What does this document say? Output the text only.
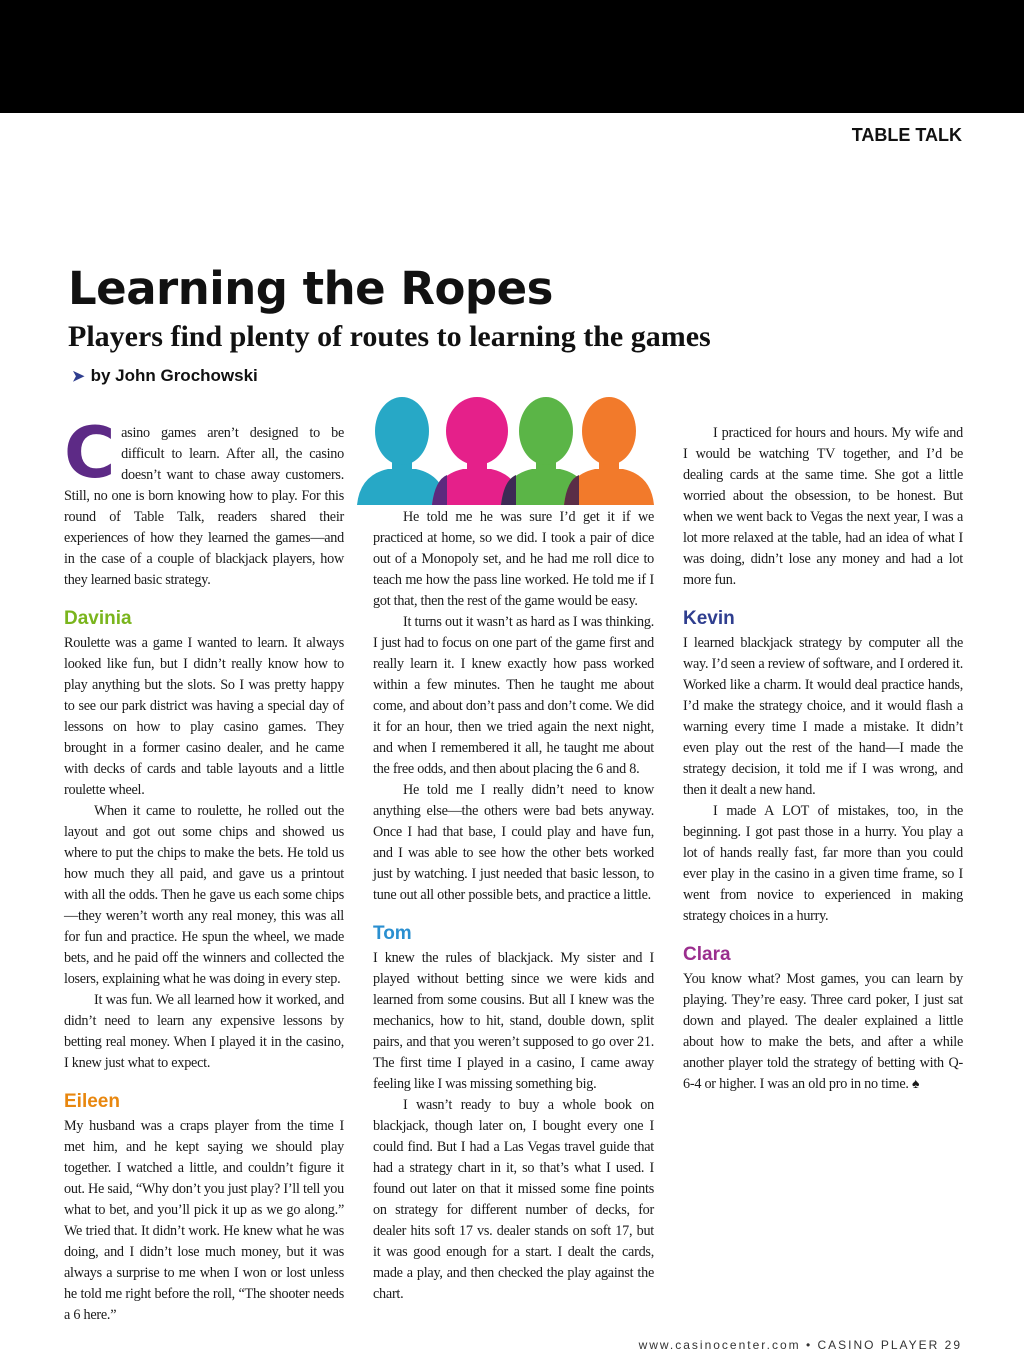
TABLE TALK
Learning the Ropes
Players find plenty of routes to learning the games
➤ by John Grochowski

Casino games aren’t designed to be difficult to learn. After all, the casino doesn’t want to chase away customers. Still, no one is born knowing how to play. For this round of Table Talk, readers shared their experiences of how they learned the games—and in the case of a couple of blackjack players, how they learned basic strategy.

Davinia

Roulette was a game I wanted to learn. It always looked like fun, but I didn’t really know how to play anything but the slots. So I was pretty happy to see our park district was having a special day of lessons on how to play casino games. They brought in a former casino dealer, and he came with decks of cards and table layouts and a little roulette wheel.

When it came to roulette, he rolled out the layout and got out some chips and showed us where to put the chips to make the bets. He told us how much they all paid, and gave us a printout with all the odds. Then he gave us each some chips—they weren’t worth any real money, this was all for fun and practice. He spun the wheel, we made bets, and he paid off the winners and collected the losers, explaining what he was doing in every step.

It was fun. We all learned how it worked, and didn’t need to learn any expensive lessons by betting real money. When I played it in the casino, I knew just what to expect.

Eileen

My husband was a craps player from the time I met him, and he kept saying we should play together. I watched a little, and couldn’t figure it out. He said, “Why don’t you just play? I’ll tell you what to bet, and you’ll pick it up as we go along.” We tried that. It didn’t work. He knew what he was doing, and I didn’t lose much money, but it was always a surprise to me when I won or lost unless he told me right before the roll, “The shooter needs a 6 here.”

He told me he was sure I’d get it if we practiced at home, so we did. I took a pair of dice out of a Monopoly set, and he had me roll dice to teach me how the pass line worked. He told me if I got that, then the rest of the game would be easy.

It turns out it wasn’t as hard as I was thinking. I just had to focus on one part of the game first and really learn it. I knew exactly how pass worked within a few minutes. Then he taught me about come, and about don’t pass and don’t come. We did it for an hour, then we tried again the next night, and when I remembered it all, he taught me about the free odds, and then about placing the 6 and 8.

He told me I really didn’t need to know anything else—the others were bad bets anyway. Once I had that base, I could play and have fun, and I was able to see how the other bets worked just by watching. I just needed that basic lesson, to tune out all other possible bets, and practice a little.

Tom

I knew the rules of blackjack. My sister and I played without betting since we were kids and learned from some cousins. But all I knew was the mechanics, how to hit, stand, double down, split pairs, and that you weren’t supposed to go over 21. The first time I played in a casino, I came away feeling like I was missing something big.

I wasn’t ready to buy a whole book on blackjack, though later on, I bought every one I could find. But I had a Las Vegas travel guide that had a strategy chart in it, so that’s what I used. I found out later on that it missed some fine points on strategy for different number of decks, for dealer hits soft 17 vs. dealer stands on soft 17, but it was good enough for a start. I dealt the cards, made a play, and then checked the play against the chart.

I practiced for hours and hours. My wife and I would be watching TV together, and I’d be dealing cards at the same time. She got a little worried about the obsession, to be honest. But when we went back to Vegas the next year, I was a lot more relaxed at the table, had an idea of what I was doing, didn’t lose any money and had a lot more fun.

Kevin

I learned blackjack strategy by computer all the way. I’d seen a review of software, and I ordered it. Worked like a charm. It would deal practice hands, I’d make the strategy choice, and it would flash a warning every time I made a mistake. It didn’t even play out the rest of the hand—I made the strategy decision, it told me if I was wrong, and then it dealt a new hand.

I made A LOT of mistakes, too, in the beginning. I got past those in a hurry. You play a lot of hands really fast, far more than you could ever play in the casino in a given time frame, so I went from novice to experienced in making strategy choices in a hurry.

Clara

You know what? Most games, you can learn by playing. They’re easy. Three card poker, I just sat down and played. The dealer explained a little about how to make the bets, and after a while another player told the strategy of betting with Q-6-4 or higher. I was an old pro in no time. ♠

www.casinocenter.com • CASINO PLAYER 29
